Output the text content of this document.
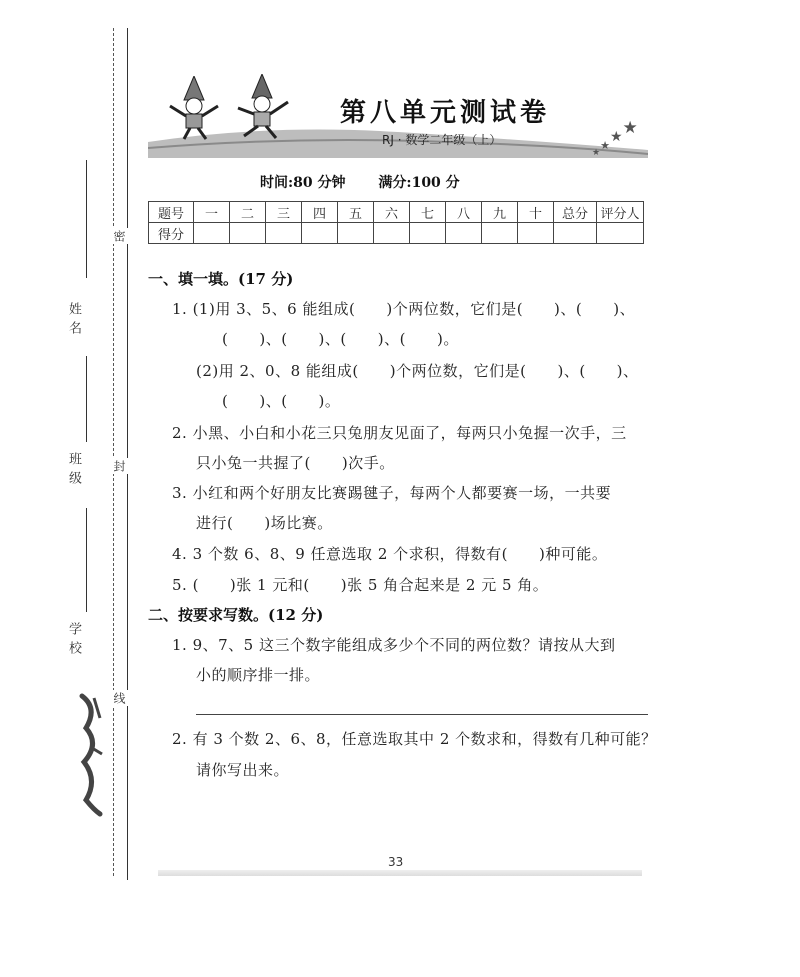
姓名
班级
学校
密
封
线
$_{★★}$★★
第八单元测试卷
RJ · 数学二年级（上）
时间:80 分钟 满分:100 分
题号	一	二	三	四	五	六	七	八	九	十	总分	评分人
得分												
一、填一填。(17 分)
1. (1)用 3、5、6 能组成(　　)个两位数，它们是(　　)、(　　)、
(　　)、(　　)、(　　)、(　　)。
(2)用 2、0、8 能组成(　　)个两位数，它们是(　　)、(　　)、
(　　)、(　　)。
2. 小黑、小白和小花三只兔朋友见面了，每两只小兔握一次手，三
只小兔一共握了(　　)次手。
3. 小红和两个好朋友比赛踢毽子，每两个人都要赛一场，一共要
进行(　　)场比赛。
4. 3 个数 6、8、9 任意选取 2 个求积，得数有(　　)种可能。
5. (　　)张 1 元和(　　)张 5 角合起来是 2 元 5 角。
二、按要求写数。(12 分)
1. 9、7、5 这三个数字能组成多少个不同的两位数？请按从大到
小的顺序排一排。
2. 有 3 个数 2、6、8，任意选取其中 2 个数求和，得数有几种可能？
请你写出来。
33
